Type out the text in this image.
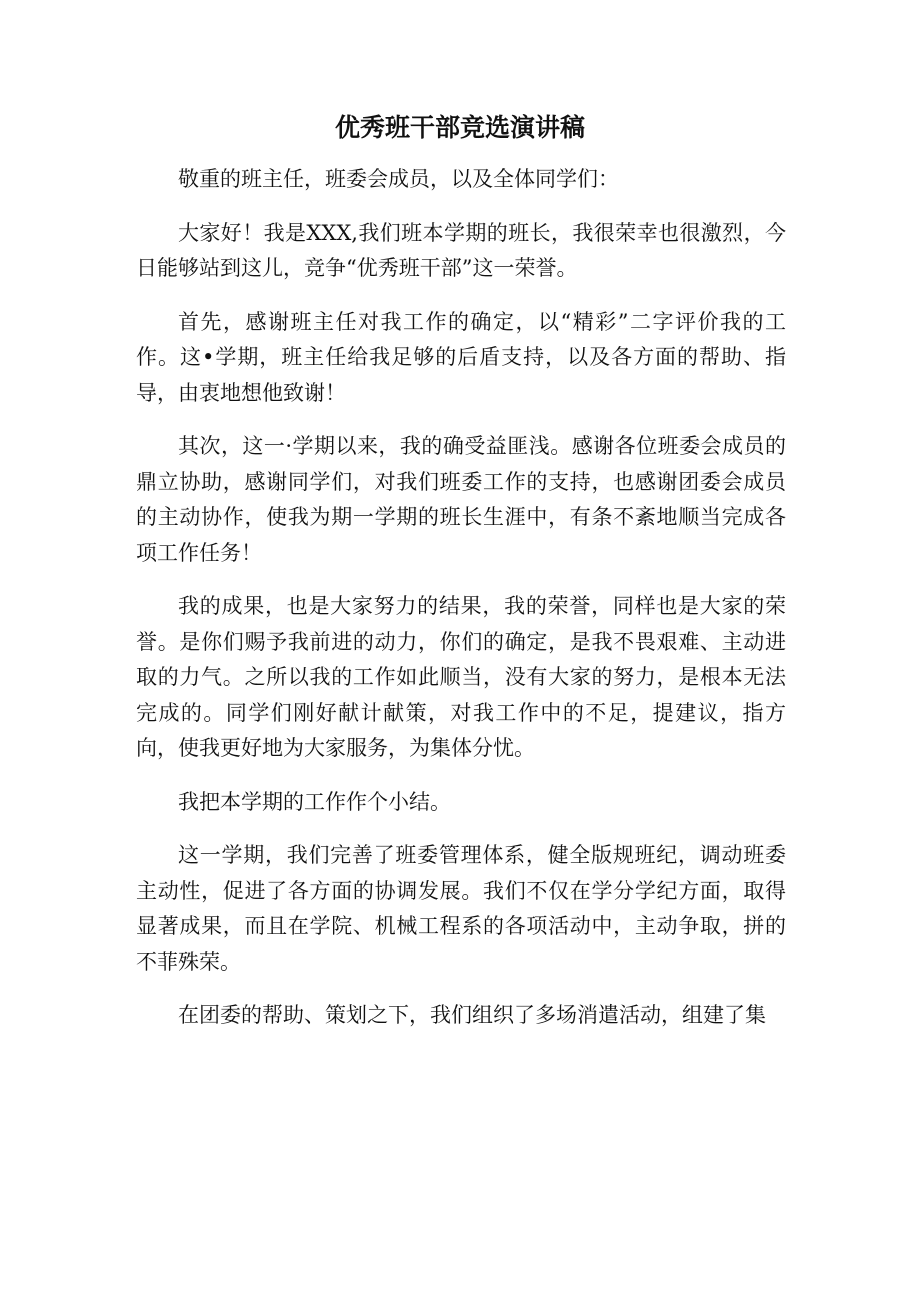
优秀班干部竞选演讲稿

敬重的班主任，班委会成员，以及全体同学们：

大家好！我是XXX,我们班本学期的班长，我很荣幸也很激烈，今日能够站到这儿，竞争“优秀班干部”这一荣誉。

首先，感谢班主任对我工作的确定，以“精彩”二字评价我的工作。这•学期，班主任给我足够的后盾支持，以及各方面的帮助、指导，由衷地想他致谢！

其次，这一·学期以来，我的确受益匪浅。感谢各位班委会成员的鼎立协助，感谢同学们，对我们班委工作的支持，也感谢团委会成员的主动协作，使我为期一学期的班长生涯中，有条不紊地顺当完成各项工作任务！

我的成果，也是大家努力的结果，我的荣誉，同样也是大家的荣誉。是你们赐予我前进的动力，你们的确定，是我不畏艰难、主动进取的力气。之所以我的工作如此顺当，没有大家的努力，是根本无法完成的。同学们刚好献计献策，对我工作中的不足，提建议，指方向，使我更好地为大家服务，为集体分忧。

我把本学期的工作作个小结。

这一学期，我们完善了班委管理体系，健全版规班纪，调动班委主动性，促进了各方面的协调发展。我们不仅在学分学纪方面，取得显著成果，而且在学院、机械工程系的各项活动中，主动争取，拼的不菲殊荣。

在团委的帮助、策划之下，我们组织了多场消遣活动，组建了集
